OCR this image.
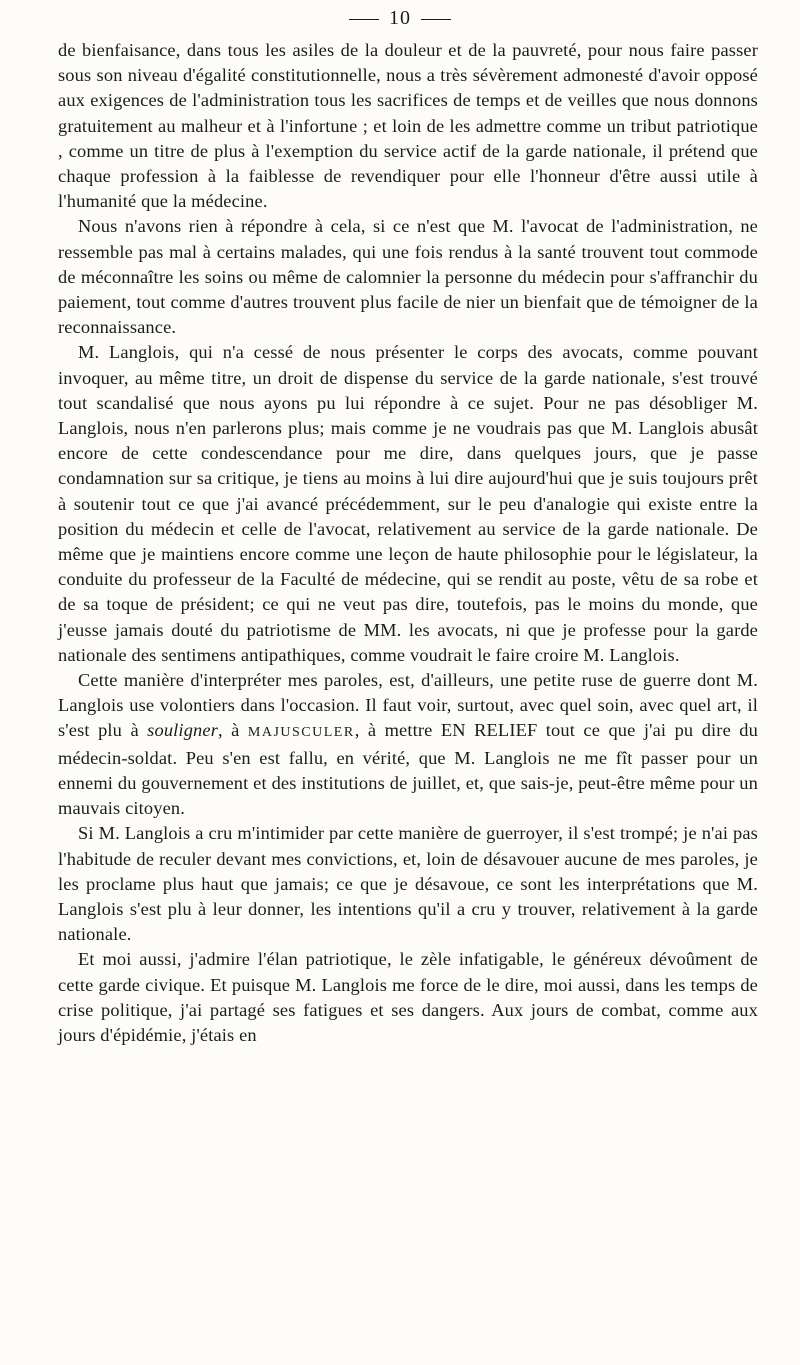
10

de bienfaisance, dans tous les asiles de la douleur et de la pauvreté, pour nous faire passer sous son niveau d'égalité constitutionnelle, nous a très sévèrement admonesté d'avoir opposé aux exigences de l'administration tous les sacrifices de temps et de veilles que nous donnons gratuitement au malheur et à l'infortune ; et loin de les admettre comme un tribut patriotique , comme un titre de plus à l'exemption du service actif de la garde nationale, il prétend que chaque profession à la faiblesse de revendiquer pour elle l'honneur d'être aussi utile à l'humanité que la médecine.

Nous n'avons rien à répondre à cela, si ce n'est que M. l'avocat de l'administration, ne ressemble pas mal à certains malades, qui une fois rendus à la santé trouvent tout commode de méconnaître les soins ou même de calomnier la personne du médecin pour s'affranchir du paiement, tout comme d'autres trouvent plus facile de nier un bienfait que de témoigner de la reconnaissance.

M. Langlois, qui n'a cessé de nous présenter le corps des avocats, comme pouvant invoquer, au même titre, un droit de dispense du service de la garde nationale, s'est trouvé tout scandalisé que nous ayons pu lui répondre à ce sujet. Pour ne pas désobliger M. Langlois, nous n'en parlerons plus; mais comme je ne voudrais pas que M. Langlois abusât encore de cette condescendance pour me dire, dans quelques jours, que je passe condamnation sur sa critique, je tiens au moins à lui dire aujourd'hui que je suis toujours prêt à soutenir tout ce que j'ai avancé précédemment, sur le peu d'analogie qui existe entre la position du médecin et celle de l'avocat, relativement au service de la garde nationale. De même que je maintiens encore comme une leçon de haute philosophie pour le législateur, la conduite du professeur de la Faculté de médecine, qui se rendit au poste, vêtu de sa robe et de sa toque de président; ce qui ne veut pas dire, toutefois, pas le moins du monde, que j'eusse jamais douté du patriotisme de MM. les avocats, ni que je professe pour la garde nationale des sentimens antipathiques, comme voudrait le faire croire M. Langlois.

Cette manière d'interpréter mes paroles, est, d'ailleurs, une petite ruse de guerre dont M. Langlois use volontiers dans l'occasion. Il faut voir, surtout, avec quel soin, avec quel art, il s'est plu à souligner, à MAJUSCULER, à mettre EN RELIEF tout ce que j'ai pu dire du médecin-soldat. Peu s'en est fallu, en vérité, que M. Langlois ne me fît passer pour un ennemi du gouvernement et des institutions de juillet, et, que sais-je, peut-être même pour un mauvais citoyen.

Si M. Langlois a cru m'intimider par cette manière de guerroyer, il s'est trompé; je n'ai pas l'habitude de reculer devant mes convictions, et, loin de désavouer aucune de mes paroles, je les proclame plus haut que jamais; ce que je désavoue, ce sont les interprétations que M. Langlois s'est plu à leur donner, les intentions qu'il a cru y trouver, relativement à la garde nationale.

Et moi aussi, j'admire l'élan patriotique, le zèle infatigable, le généreux dévoûment de cette garde civique. Et puisque M. Langlois me force de le dire, moi aussi, dans les temps de crise politique, j'ai partagé ses fatigues et ses dangers. Aux jours de combat, comme aux jours d'épidémie, j'étais en
